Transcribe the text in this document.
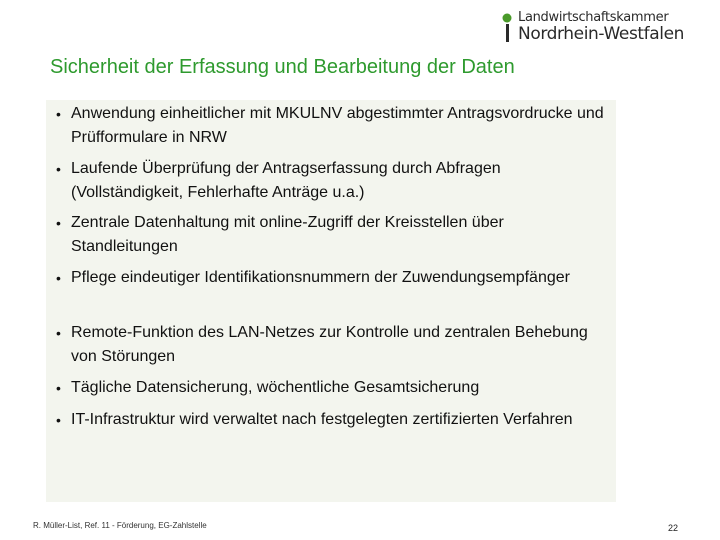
Landwirtschaftskammer
Nordrhein-Westfalen
Sicherheit der Erfassung und Bearbeitung der Daten
• Anwendung einheitlicher mit MKULNV abgestimmter Antragsvordrucke und Prüfformulare in NRW
• Laufende Überprüfung der Antragserfassung durch Abfragen (Vollständigkeit, Fehlerhafte Anträge u.a.)
• Zentrale Datenhaltung mit online-Zugriff der Kreisstellen über Standleitungen
• Pflege eindeutiger Identifikationsnummern der Zuwendungsempfänger
• Remote-Funktion des LAN-Netzes zur Kontrolle und zentralen Behebung von Störungen
• Tägliche Datensicherung, wöchentliche Gesamtsicherung
• IT-Infrastruktur wird verwaltet nach festgelegten zertifizierten Verfahren
R. Müller-List, Ref. 11 - Förderung, EG-Zahlstelle	22
